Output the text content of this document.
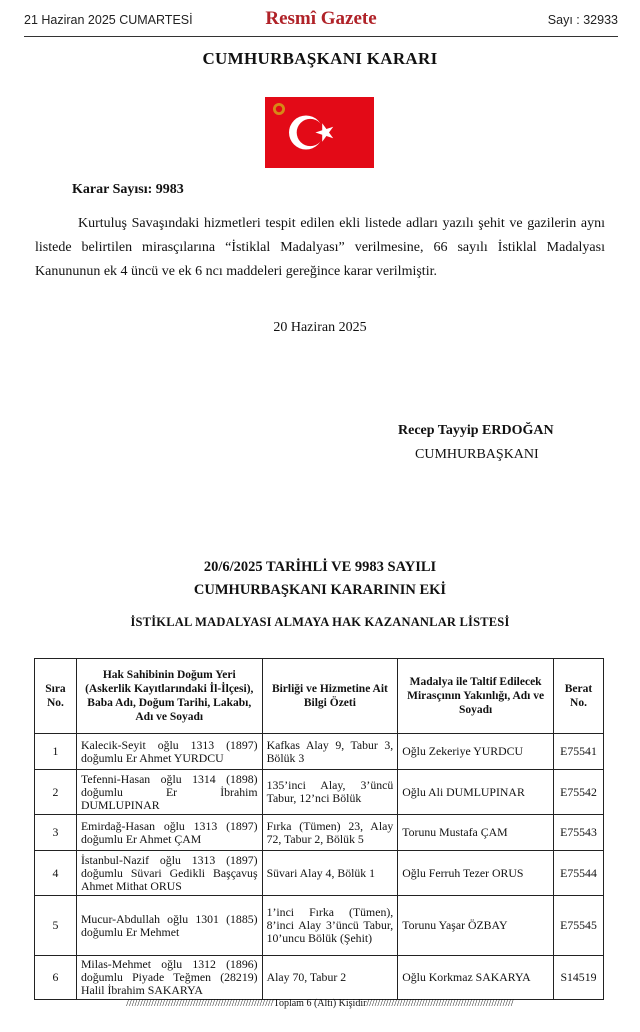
21 Haziran 2025 CUMARTESİ	Resmî Gazete	Sayı : 32933
CUMHURBAŞKANI KARARI
Karar Sayısı: 9983
Kurtuluş Savaşındaki hizmetleri tespit edilen ekli listede adları yazılı şehit ve gazilerin aynı listede belirtilen mirasçılarına “İstiklal Madalyası” verilmesine, 66 sayılı İstiklal Madalyası Kanununun ek 4 üncü ve ek 6 ncı maddeleri gereğince karar verilmiştir.
20 Haziran 2025
Recep Tayyip ERDOĞAN
CUMHURBAŞKANI
20/6/2025 TARİHLİ VE 9983 SAYILI
CUMHURBAŞKANI KARARININ EKİ
İSTİKLAL MADALYASI ALMAYA HAK KAZANANLAR LİSTESİ
Sıra No.	Hak Sahibinin Doğum Yeri (Askerlik Kayıtlarındaki İl-İlçesi), Baba Adı, Doğum Tarihi, Lakabı, Adı ve Soyadı	Birliği ve Hizmetine Ait Bilgi Özeti	Madalya ile Taltif Edilecek Mirasçının Yakınlığı, Adı ve Soyadı	Berat No.
1	Kalecik-Seyit oğlu 1313 (1897) doğumlu Er Ahmet YURDCU	Kafkas Alay 9, Tabur 3, Bölük 3	Oğlu Zekeriye YURDCU	E75541
2	Tefenni-Hasan oğlu 1314 (1898) doğumlu Er İbrahim DUMLUPINAR	135’inci Alay, 3’üncü Tabur, 12’nci Bölük	Oğlu Ali DUMLUPINAR	E75542
3	Emirdağ-Hasan oğlu 1313 (1897) doğumlu Er Ahmet ÇAM	Fırka (Tümen) 23, Alay 72, Tabur 2, Bölük 5	Torunu Mustafa ÇAM	E75543
4	İstanbul-Nazif oğlu 1313 (1897) doğumlu Süvari Gedikli Başçavuş Ahmet Mithat ORUS	Süvari Alay 4, Bölük 1	Oğlu Ferruh Tezer ORUS	E75544
5	Mucur-Abdullah oğlu 1301 (1885) doğumlu Er Mehmet	1’inci Fırka (Tümen), 8’inci Alay 3’üncü Tabur, 10’uncu Bölük (Şehit)	Torunu Yaşar ÖZBAY	E75545
6	Milas-Mehmet oğlu 1312 (1896) doğumlu Piyade Teğmen (28219) Halil İbrahim SAKARYA	Alay 70, Tabur 2	Oğlu Korkmaz SAKARYA	S14519
/////////////////////////////////////////////////////Toplam 6 (Altı) Kişidir/////////////////////////////////////////////////////
